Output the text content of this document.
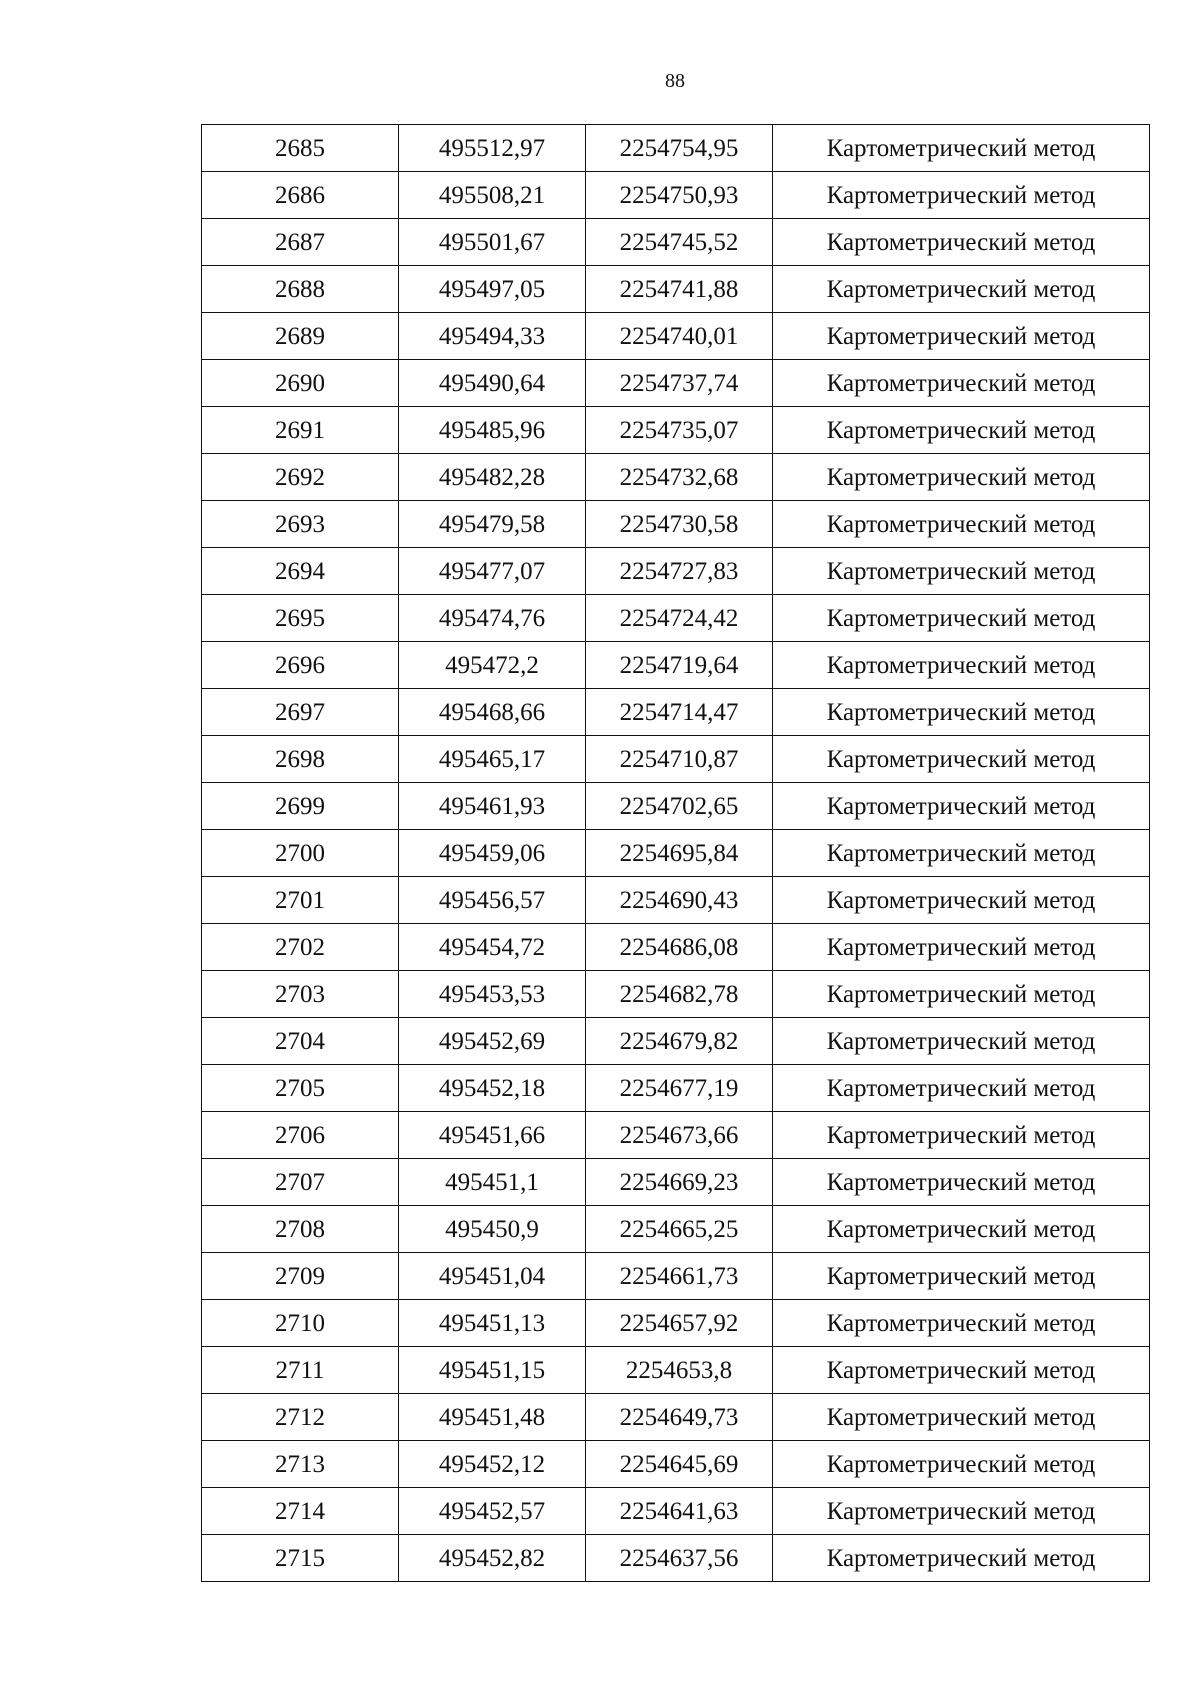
88
2685	495512,97	2254754,95	Картометрический метод
2686	495508,21	2254750,93	Картометрический метод
2687	495501,67	2254745,52	Картометрический метод
2688	495497,05	2254741,88	Картометрический метод
2689	495494,33	2254740,01	Картометрический метод
2690	495490,64	2254737,74	Картометрический метод
2691	495485,96	2254735,07	Картометрический метод
2692	495482,28	2254732,68	Картометрический метод
2693	495479,58	2254730,58	Картометрический метод
2694	495477,07	2254727,83	Картометрический метод
2695	495474,76	2254724,42	Картометрический метод
2696	495472,2	2254719,64	Картометрический метод
2697	495468,66	2254714,47	Картометрический метод
2698	495465,17	2254710,87	Картометрический метод
2699	495461,93	2254702,65	Картометрический метод
2700	495459,06	2254695,84	Картометрический метод
2701	495456,57	2254690,43	Картометрический метод
2702	495454,72	2254686,08	Картометрический метод
2703	495453,53	2254682,78	Картометрический метод
2704	495452,69	2254679,82	Картометрический метод
2705	495452,18	2254677,19	Картометрический метод
2706	495451,66	2254673,66	Картометрический метод
2707	495451,1	2254669,23	Картометрический метод
2708	495450,9	2254665,25	Картометрический метод
2709	495451,04	2254661,73	Картометрический метод
2710	495451,13	2254657,92	Картометрический метод
2711	495451,15	2254653,8	Картометрический метод
2712	495451,48	2254649,73	Картометрический метод
2713	495452,12	2254645,69	Картометрический метод
2714	495452,57	2254641,63	Картометрический метод
2715	495452,82	2254637,56	Картометрический метод
